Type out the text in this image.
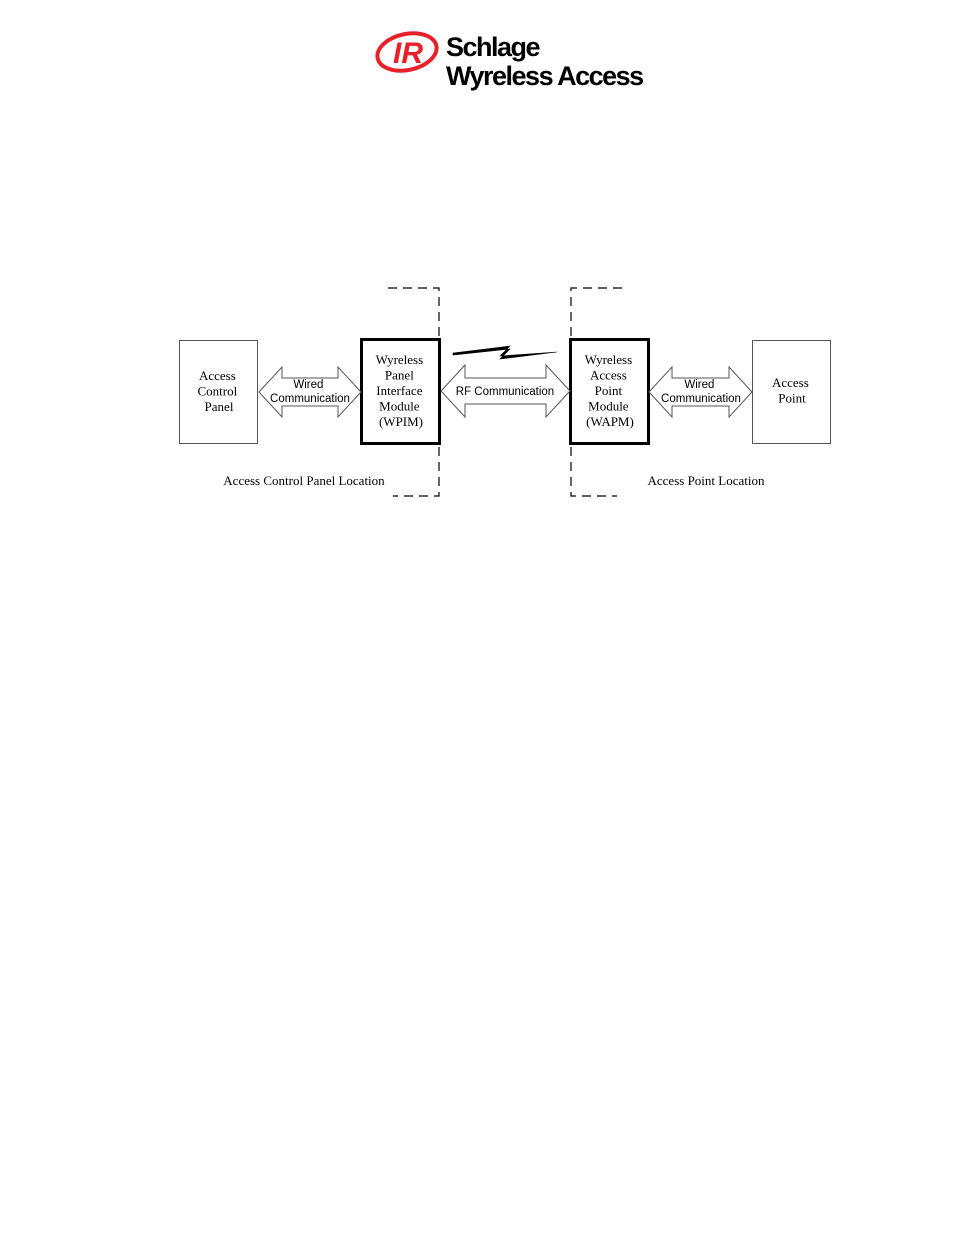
IR Schlage
Wyreless Access
Access Control Panel
Wyreless Panel Interface Module (WPIM)
Wyreless Access Point Module (WAPM)
Access Point
Wired Communication
RF Communication
Wired Communication
Access Control Panel Location	Access Point Location
